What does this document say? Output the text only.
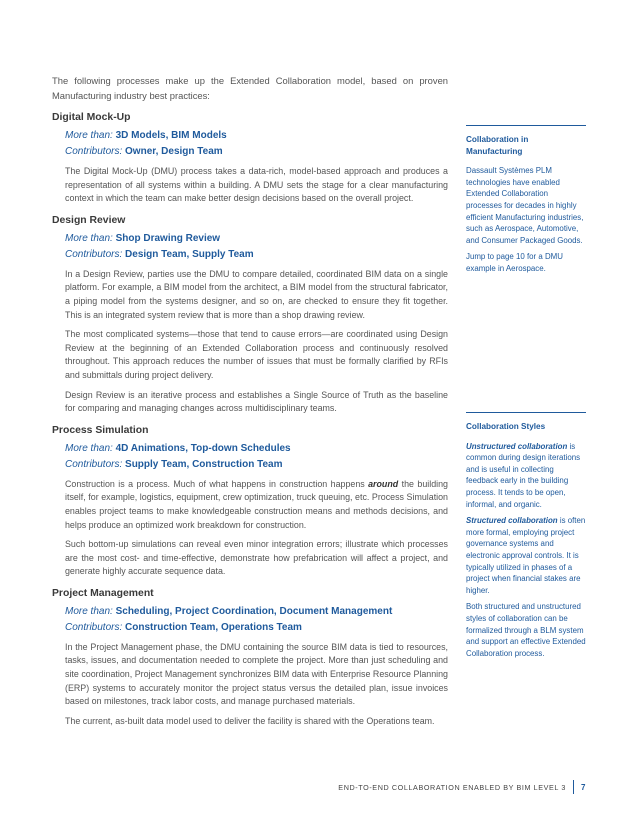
The following processes make up the Extended Collaboration model, based on proven Manufacturing industry best practices:

Digital Mock-Up
More than: 3D Models, BIM Models
Contributors: Owner, Design Team

The Digital Mock-Up (DMU) process takes a data-rich, model-based approach and produces a representation of all systems within a building. A DMU sets the stage for a clear manufacturing context in which the team can make better design decisions based on the overall project.

Design Review
More than: Shop Drawing Review
Contributors: Design Team, Supply Team

In a Design Review, parties use the DMU to compare detailed, coordinated BIM data on a single platform. For example, a BIM model from the architect, a BIM model from the structural fabricator, a piping model from the systems designer, and so on, are checked to ensure they fit together. This is an integrated system review that is more than a shop drawing review.

The most complicated systems—those that tend to cause errors—are coordinated using Design Review at the beginning of an Extended Collaboration process and continuously resolved throughout. This approach reduces the number of issues that must be formally clarified by RFIs and submittals during project delivery.

Design Review is an iterative process and establishes a Single Source of Truth as the baseline for comparing and managing changes across multidisciplinary teams.

Process Simulation
More than: 4D Animations, Top-down Schedules
Contributors: Supply Team, Construction Team

Construction is a process. Much of what happens in construction happens around the building itself, for example, logistics, equipment, crew optimization, truck queuing, etc. Process Simulation enables project teams to make knowledgeable construction means and methods decisions, and helps produce an optimized work breakdown for construction.

Such bottom-up simulations can reveal even minor integration errors; illustrate which processes are the most cost- and time-effective, demonstrate how prefabrication will affect a project, and generate highly accurate sequence data.

Project Management
More than: Scheduling, Project Coordination, Document Management
Contributors: Construction Team, Operations Team

In the Project Management phase, the DMU containing the source BIM data is tied to resources, tasks, issues, and documentation needed to complete the project. More than just scheduling and site coordination, Project Management synchronizes BIM data with Enterprise Resource Planning (ERP) systems to accurately monitor the project status versus the detailed plan, issue invoices based on milestones, track labor costs, and manage purchased materials.

The current, as-built data model used to deliver the facility is shared with the Operations team.

Collaboration in Manufacturing

Dassault Systèmes PLM technologies have enabled Extended Collaboration processes for decades in highly efficient Manufacturing industries, such as Aerospace, Automotive, and Consumer Packaged Goods.

Jump to page 10 for a DMU example in Aerospace.

Collaboration Styles

Unstructured collaboration is common during design iterations and is useful in collecting feedback early in the building process. It tends to be open, informal, and organic.

Structured collaboration is often more formal, employing project governance systems and electronic approval controls. It is typically utilized in phases of a project when financial stakes are higher.

Both structured and unstructured styles of collaboration can be formalized through a BLM system and support an effective Extended Collaboration process.

END-TO-END COLLABORATION ENABLED BY BIM LEVEL 3 7
